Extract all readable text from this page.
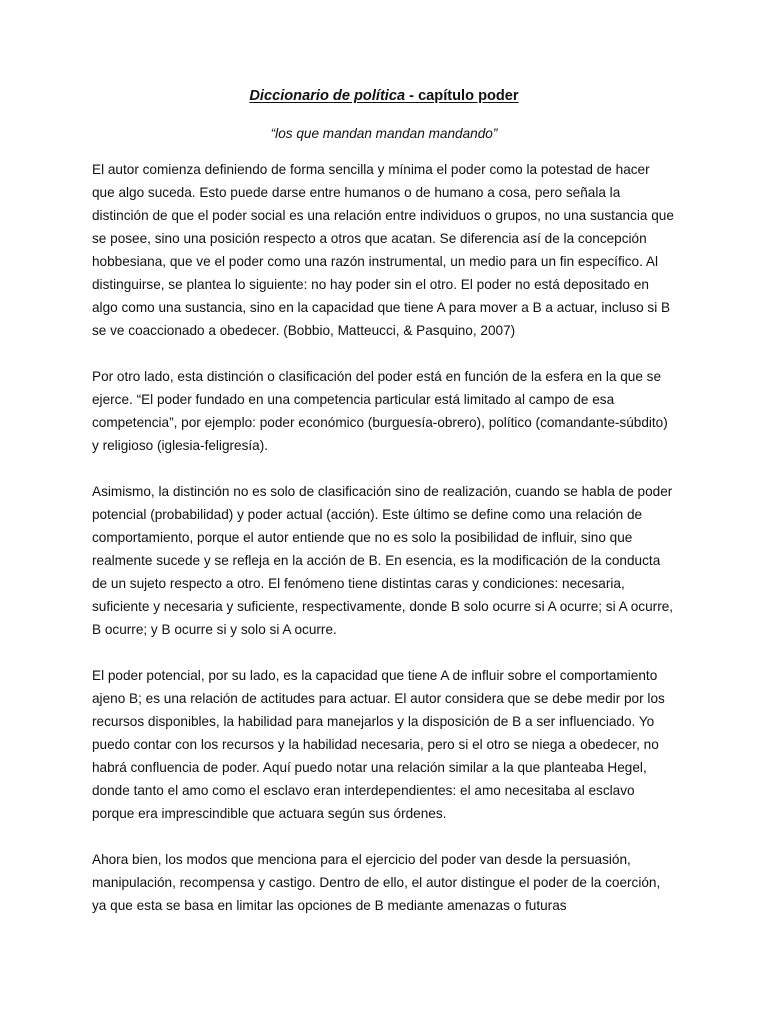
Diccionario de política - capítulo poder

“los que mandan mandan mandando”

El autor comienza definiendo de forma sencilla y mínima el poder como la potestad de hacer que algo suceda. Esto puede darse entre humanos o de humano a cosa, pero señala la distinción de que el poder social es una relación entre individuos o grupos, no una sustancia que se posee, sino una posición respecto a otros que acatan. Se diferencia así de la concepción hobbesiana, que ve el poder como una razón instrumental, un medio para un fin específico. Al distinguirse, se plantea lo siguiente: no hay poder sin el otro. El poder no está depositado en algo como una sustancia, sino en la capacidad que tiene A para mover a B a actuar, incluso si B se ve coaccionado a obedecer. (Bobbio, Matteucci, & Pasquino, 2007)

Por otro lado, esta distinción o clasificación del poder está en función de la esfera en la que se ejerce. “El poder fundado en una competencia particular está limitado al campo de esa competencia”, por ejemplo: poder económico (burguesía-obrero), político (comandante-súbdito) y religioso (iglesia-feligresía).

Asimismo, la distinción no es solo de clasificación sino de realización, cuando se habla de poder potencial (probabilidad) y poder actual (acción). Este último se define como una relación de comportamiento, porque el autor entiende que no es solo la posibilidad de influir, sino que realmente sucede y se refleja en la acción de B. En esencia, es la modificación de la conducta de un sujeto respecto a otro. El fenómeno tiene distintas caras y condiciones: necesaria, suficiente y necesaria y suficiente, respectivamente, donde B solo ocurre si A ocurre; si A ocurre, B ocurre; y B ocurre si y solo si A ocurre.

El poder potencial, por su lado, es la capacidad que tiene A de influir sobre el comportamiento ajeno B; es una relación de actitudes para actuar. El autor considera que se debe medir por los recursos disponibles, la habilidad para manejarlos y la disposición de B a ser influenciado. Yo puedo contar con los recursos y la habilidad necesaria, pero si el otro se niega a obedecer, no habrá confluencia de poder. Aquí puedo notar una relación similar a la que planteaba Hegel, donde tanto el amo como el esclavo eran interdependientes: el amo necesitaba al esclavo porque era imprescindible que actuara según sus órdenes.

Ahora bien, los modos que menciona para el ejercicio del poder van desde la persuasión, manipulación, recompensa y castigo. Dentro de ello, el autor distingue el poder de la coerción, ya que esta se basa en limitar las opciones de B mediante amenazas o futuras
